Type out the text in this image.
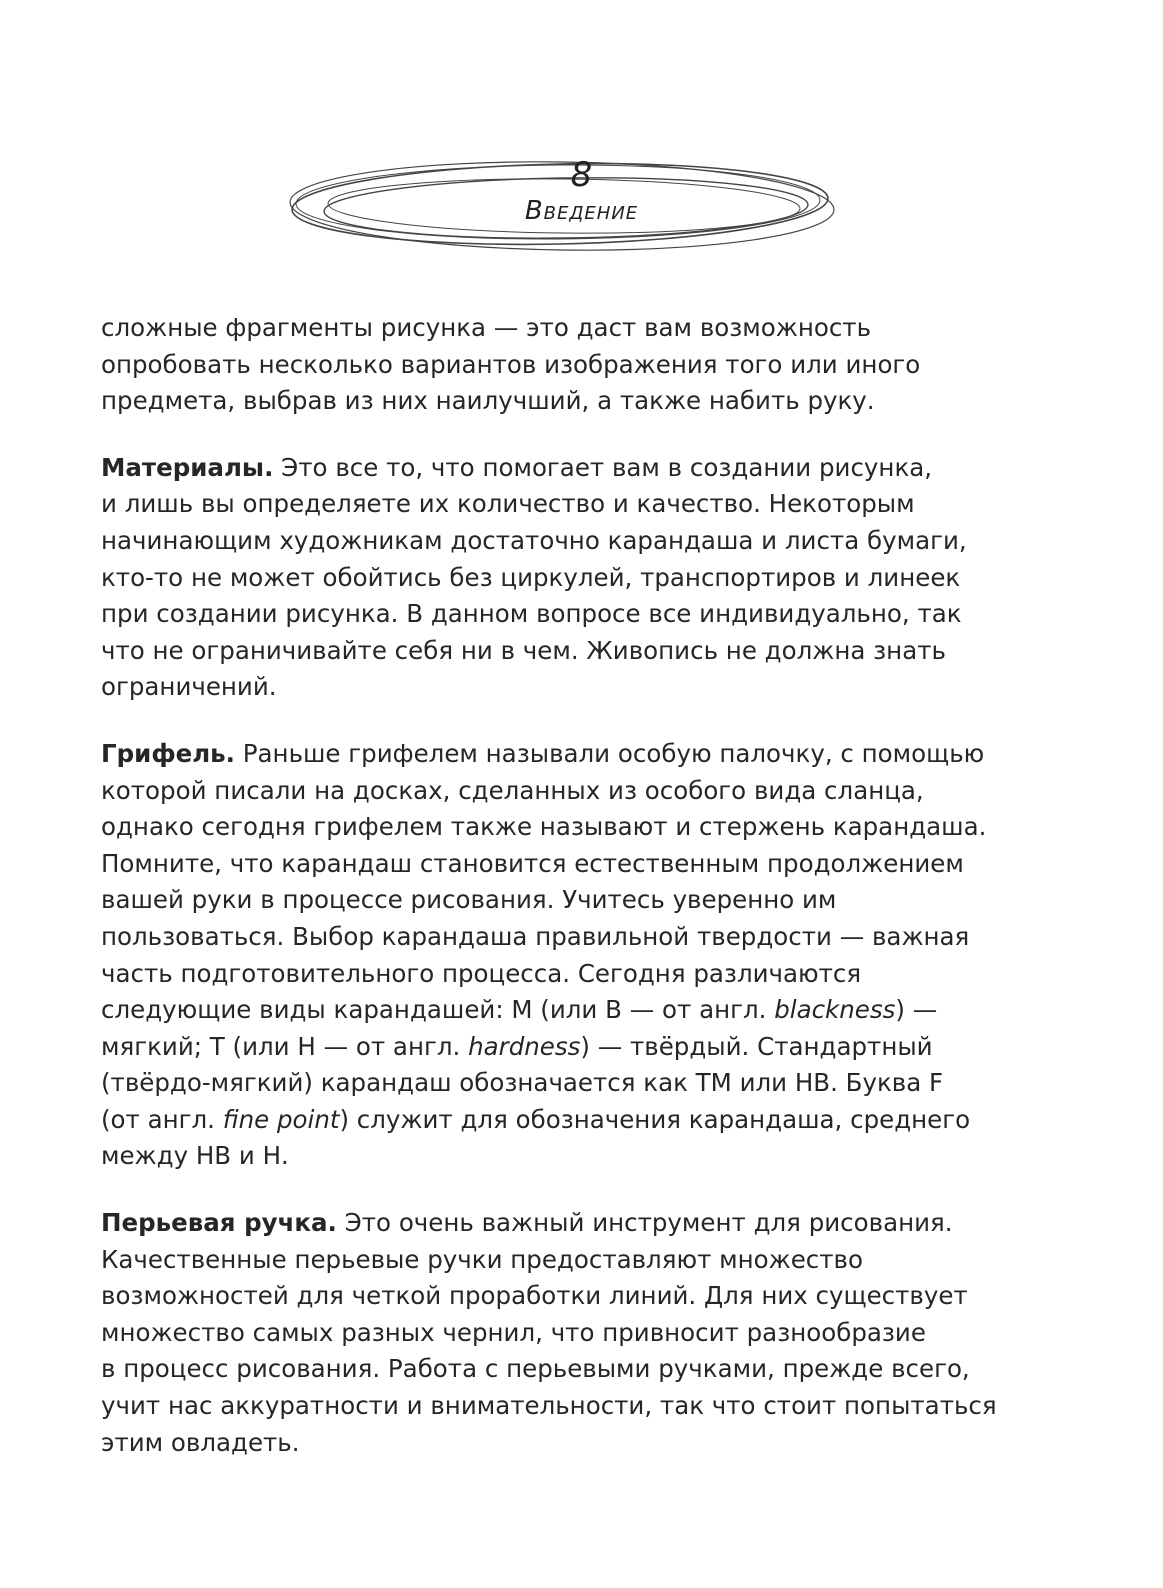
8
Введение

сложные фрагменты рисунка — это даст вам возможность
опробовать несколько вариантов изображения того или иного
предмета, выбрав из них наилучший, а также набить руку.

Материалы. Это все то, что помогает вам в создании рисунка,
и лишь вы определяете их количество и качество. Некоторым
начинающим художникам достаточно карандаша и листа бумаги,
кто-то не может обойтись без циркулей, транспортиров и линеек
при создании рисунка. В данном вопросе все индивидуально, так
что не ограничивайте себя ни в чем. Живопись не должна знать
ограничений.

Грифель. Раньше грифелем называли особую палочку, с помощью
которой писали на досках, сделанных из особого вида сланца,
однако сегодня грифелем также называют и стержень карандаша.
Помните, что карандаш становится естественным продолжением
вашей руки в процессе рисования. Учитесь уверенно им
пользоваться. Выбор карандаша правильной твердости — важная
часть подготовительного процесса. Сегодня различаются
следующие виды карандашей: М (или В — от англ. blackness) —
мягкий; Т (или Н — от англ. hardness) — твёрдый. Стандартный
(твёрдо-мягкий) карандаш обозначается как ТМ или НВ. Буква F
(от англ. fine point) служит для обозначения карандаша, среднего
между НВ и Н.

Перьевая ручка. Это очень важный инструмент для рисования.
Качественные перьевые ручки предоставляют множество
возможностей для четкой проработки линий. Для них существует
множество самых разных чернил, что привносит разнообразие
в процесс рисования. Работа с перьевыми ручками, прежде всего,
учит нас аккуратности и внимательности, так что стоит попытаться
этим овладеть.
